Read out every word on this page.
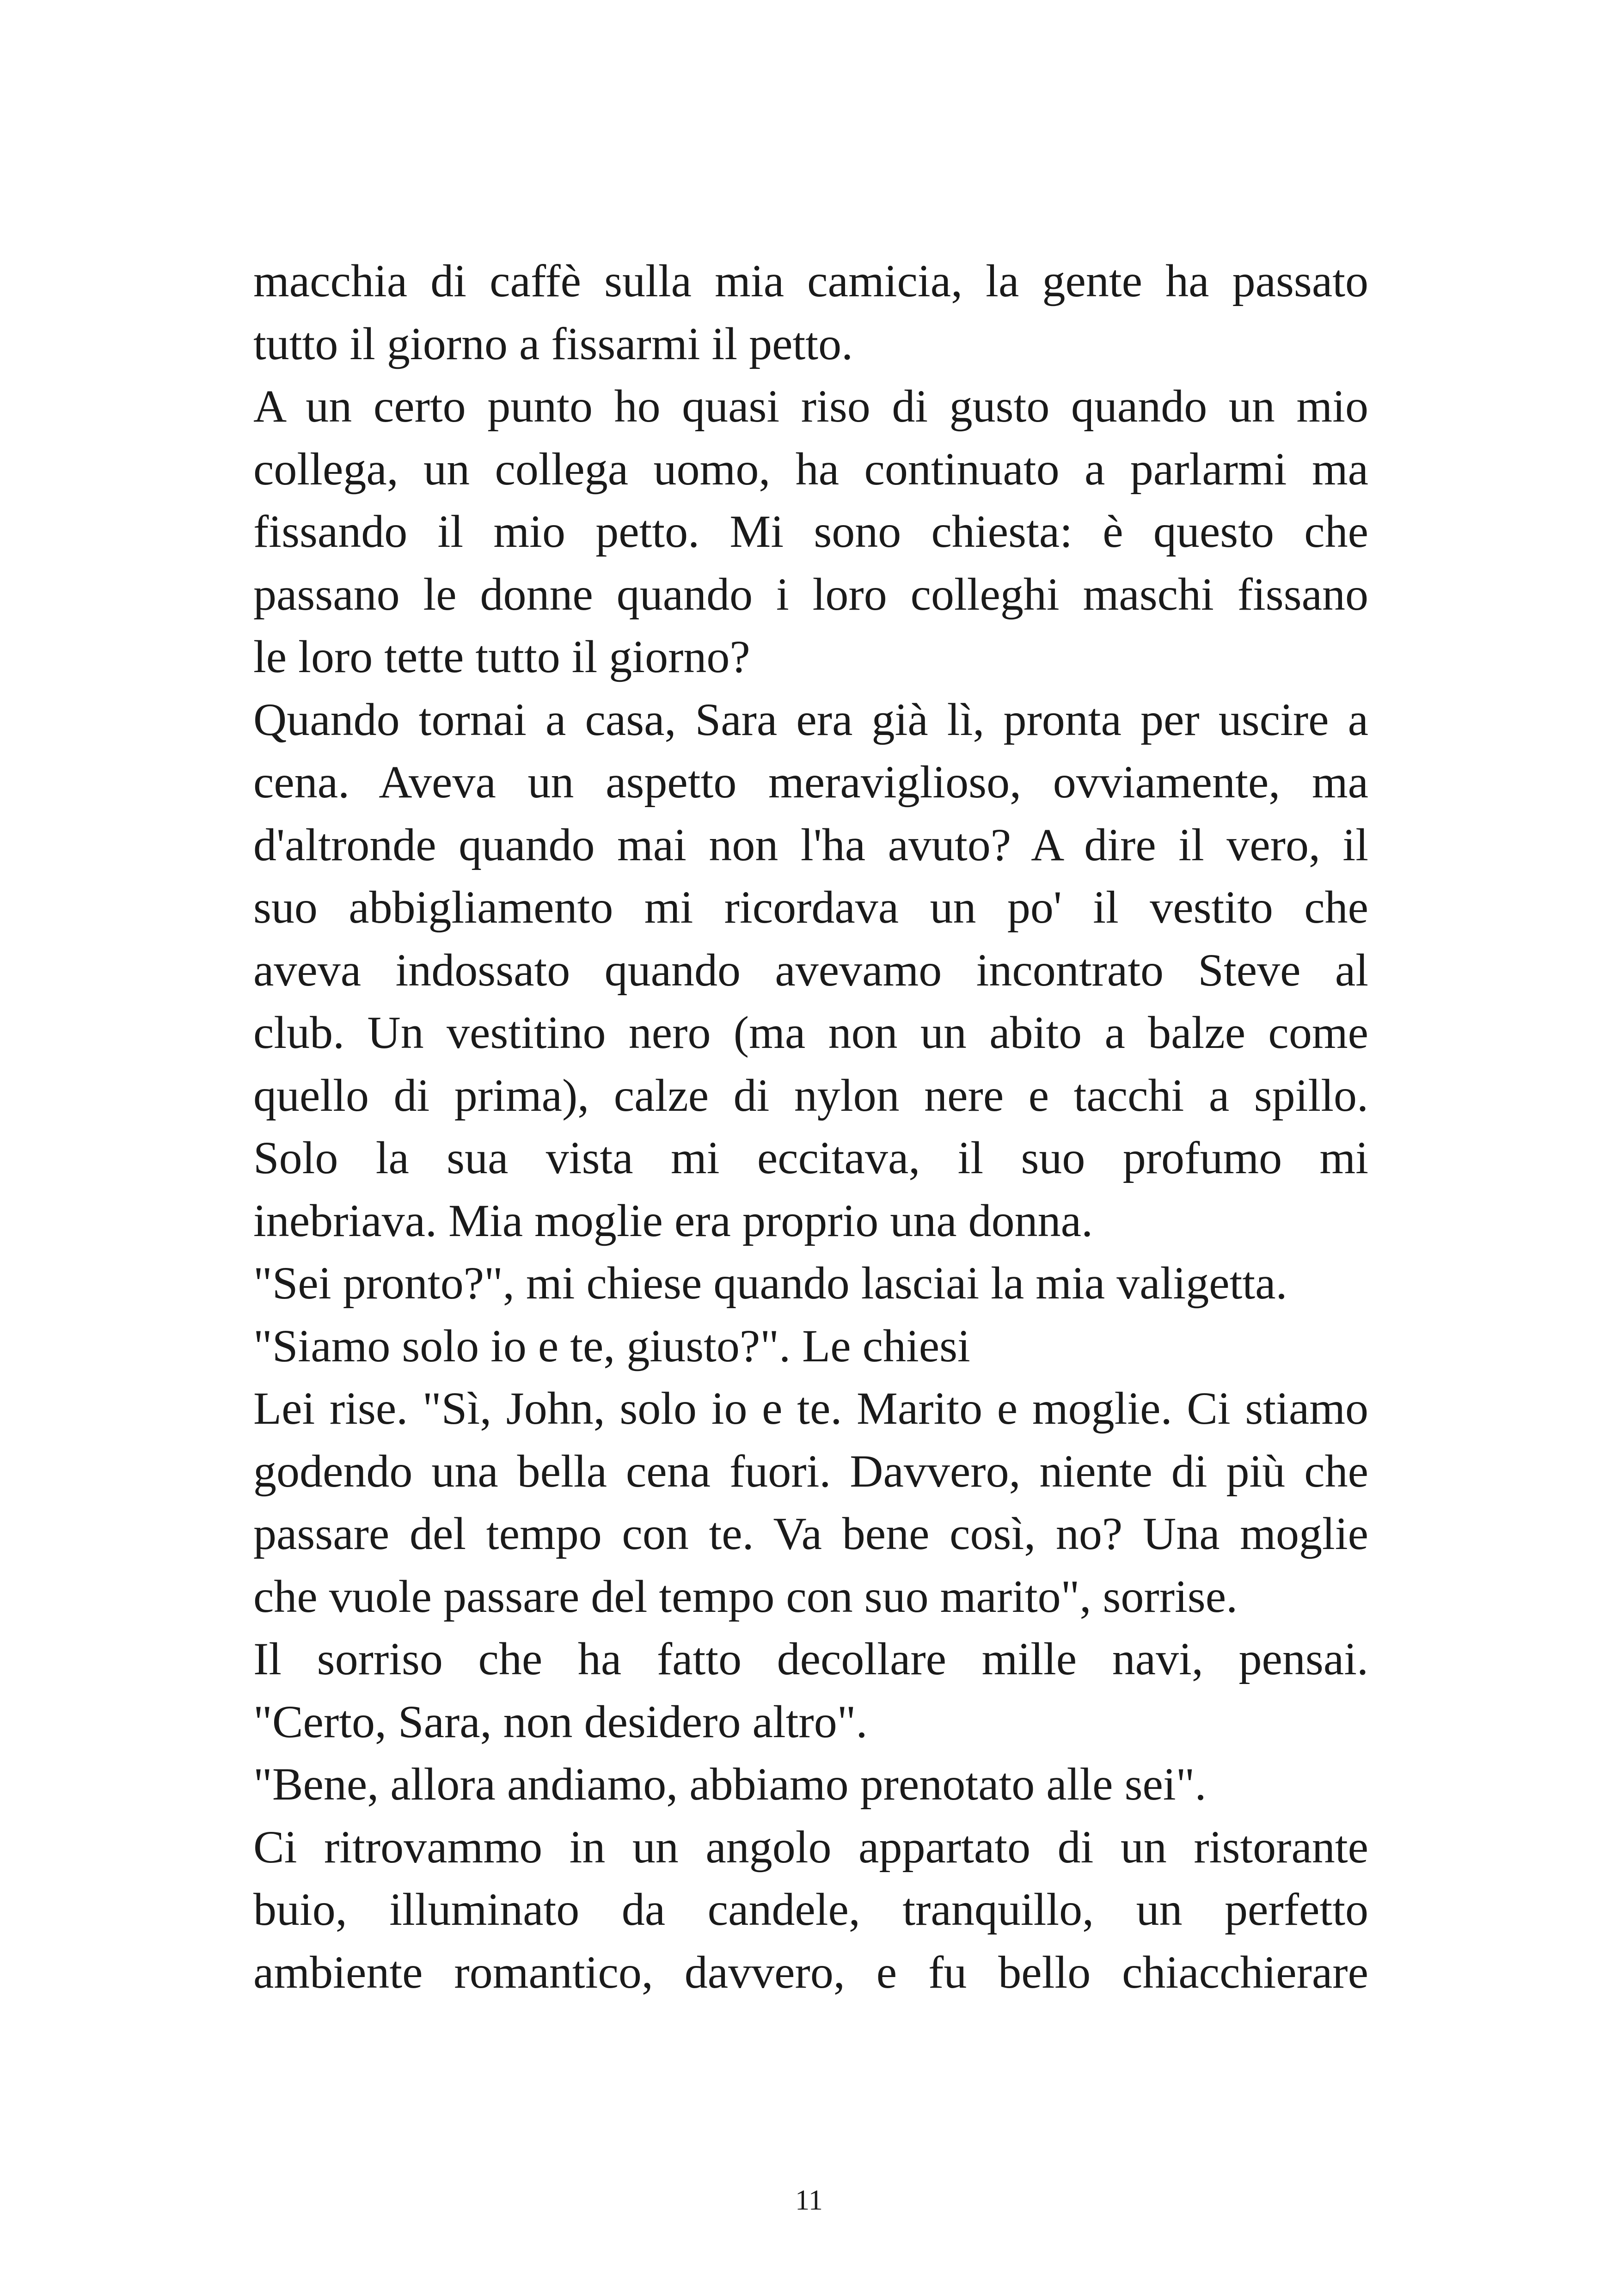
macchia di caffè sulla mia camicia, la gente ha passato
tutto il giorno a fissarmi il petto.
A un certo punto ho quasi riso di gusto quando un mio
collega, un collega uomo, ha continuato a parlarmi ma
fissando il mio petto. Mi sono chiesta: è questo che
passano le donne quando i loro colleghi maschi fissano
le loro tette tutto il giorno?
Quando tornai a casa, Sara era già lì, pronta per uscire a
cena. Aveva un aspetto meraviglioso, ovviamente, ma
d'altronde quando mai non l'ha avuto? A dire il vero, il
suo abbigliamento mi ricordava un po' il vestito che
aveva indossato quando avevamo incontrato Steve al
club. Un vestitino nero (ma non un abito a balze come
quello di prima), calze di nylon nere e tacchi a spillo.
Solo la sua vista mi eccitava, il suo profumo mi
inebriava. Mia moglie era proprio una donna.
"Sei pronto?", mi chiese quando lasciai la mia valigetta.
"Siamo solo io e te, giusto?". Le chiesi
Lei rise. "Sì, John, solo io e te. Marito e moglie. Ci stiamo
godendo una bella cena fuori. Davvero, niente di più che
passare del tempo con te. Va bene così, no? Una moglie
che vuole passare del tempo con suo marito", sorrise.
Il sorriso che ha fatto decollare mille navi, pensai.
"Certo, Sara, non desidero altro".
"Bene, allora andiamo, abbiamo prenotato alle sei".
Ci ritrovammo in un angolo appartato di un ristorante
buio, illuminato da candele, tranquillo, un perfetto
ambiente romantico, davvero, e fu bello chiacchierare
11
